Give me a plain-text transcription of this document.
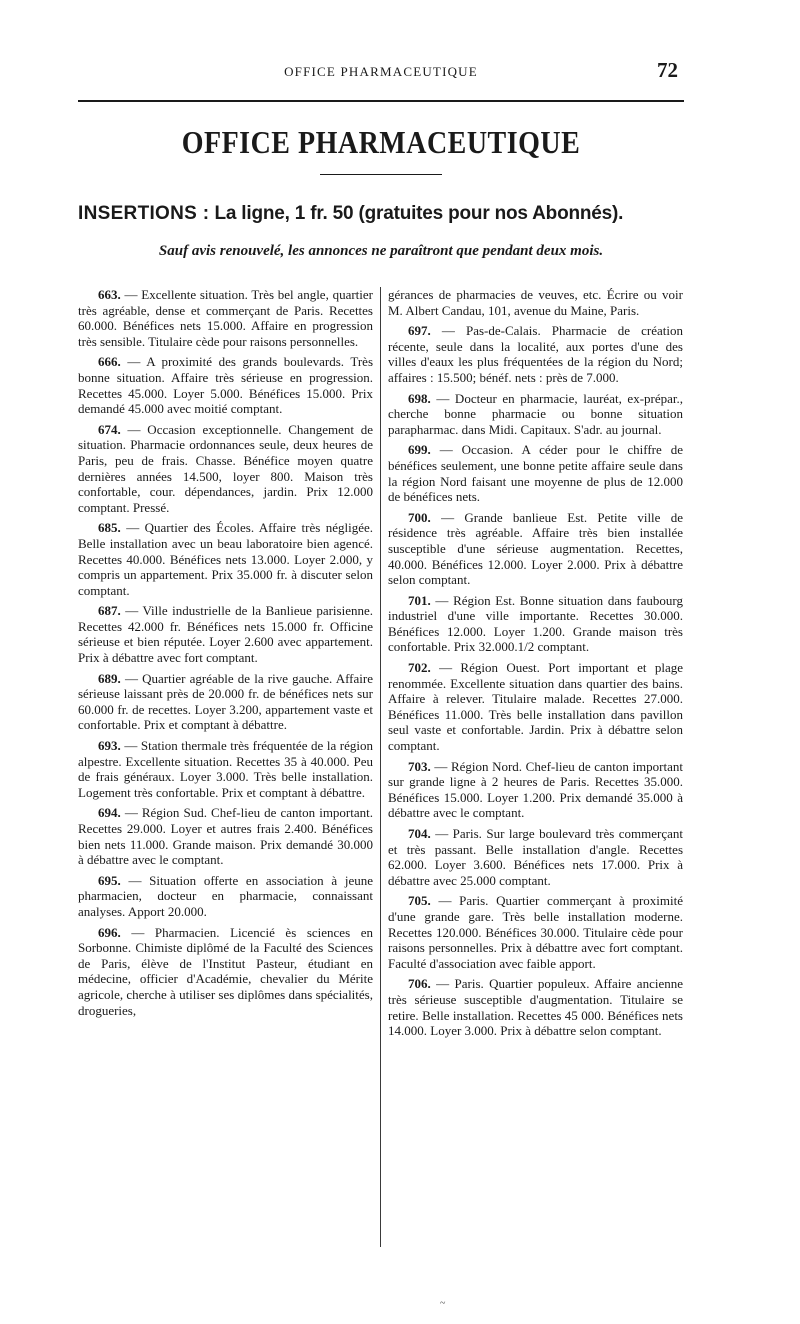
OFFICE PHARMACEUTIQUE	72
OFFICE PHARMACEUTIQUE
INSERTIONS : La ligne, 1 fr. 50 (gratuites pour nos Abonnés).
Sauf avis renouvelé, les annonces ne paraîtront que pendant deux mois.

663. — Excellente situation. Très bel angle, quartier très agréable, dense et commerçant de Paris. Recettes 60.000. Bénéfices nets 15.000. Affaire en progression très sensible. Titulaire cède pour raisons personnelles.

666. — A proximité des grands boulevards. Très bonne situation. Affaire très sérieuse en progression. Recettes 45.000. Loyer 5.000. Bénéfices 15.000. Prix demandé 45.000 avec moitié comptant.

674. — Occasion exceptionnelle. Changement de situation. Pharmacie ordonnances seule, deux heures de Paris, peu de frais. Chasse. Bénéfice moyen quatre dernières années 14.500, loyer 800. Maison très confortable, cour. dépendances, jardin. Prix 12.000 comptant. Pressé.

685. — Quartier des Écoles. Affaire très négligée. Belle installation avec un beau laboratoire bien agencé. Recettes 40.000. Bénéfices nets 13.000. Loyer 2.000, y compris un appartement. Prix 35.000 fr. à discuter selon comptant.

687. — Ville industrielle de la Banlieue parisienne. Recettes 42.000 fr. Bénéfices nets 15.000 fr. Officine sérieuse et bien réputée. Loyer 2.600 avec appartement. Prix à débattre avec fort comptant.

689. — Quartier agréable de la rive gauche. Affaire sérieuse laissant près de 20.000 fr. de bénéfices nets sur 60.000 fr. de recettes. Loyer 3.200, appartement vaste et confortable. Prix et comptant à débattre.

693. — Station thermale très fréquentée de la région alpestre. Excellente situation. Recettes 35 à 40.000. Peu de frais généraux. Loyer 3.000. Très belle installation. Logement très confortable. Prix et comptant à débattre.

694. — Région Sud. Chef-lieu de canton important. Recettes 29.000. Loyer et autres frais 2.400. Bénéfices bien nets 11.000. Grande maison. Prix demandé 30.000 à débattre avec le comptant.

695. — Situation offerte en association à jeune pharmacien, docteur en pharmacie, connaissant analyses. Apport 20.000.

696. — Pharmacien. Licencié ès sciences en Sorbonne. Chimiste diplômé de la Faculté des Sciences de Paris, élève de l'Institut Pasteur, étudiant en médecine, officier d'Académie, chevalier du Mérite agricole, cherche à utiliser ses diplômes dans spécialités, drogueries,

gérances de pharmacies de veuves, etc. Écrire ou voir M. Albert Candau, 101, avenue du Maine, Paris.

697. — Pas-de-Calais. Pharmacie de création récente, seule dans la localité, aux portes d'une des villes d'eaux les plus fréquentées de la région du Nord; affaires : 15.500; bénéf. nets : près de 7.000.

698. — Docteur en pharmacie, lauréat, ex-prépar., cherche bonne pharmacie ou bonne situation parapharmac. dans Midi. Capitaux. S'adr. au journal.

699. — Occasion. A céder pour le chiffre de bénéfices seulement, une bonne petite affaire seule dans la région Nord faisant une moyenne de plus de 12.000 de bénéfices nets.

700. — Grande banlieue Est. Petite ville de résidence très agréable. Affaire très bien installée susceptible d'une sérieuse augmentation. Recettes, 40.000. Bénéfices 12.000. Loyer 2.000. Prix à débattre selon comptant.

701. — Région Est. Bonne situation dans faubourg industriel d'une ville importante. Recettes 30.000. Bénéfices 12.000. Loyer 1.200. Grande maison très confortable. Prix 32.000.1/2 comptant.

702. — Région Ouest. Port important et plage renommée. Excellente situation dans quartier des bains. Affaire à relever. Titulaire malade. Recettes 27.000. Bénéfices 11.000. Très belle installation dans pavillon seul vaste et confortable. Jardin. Prix à débattre selon comptant.

703. — Région Nord. Chef-lieu de canton important sur grande ligne à 2 heures de Paris. Recettes 35.000. Bénéfices 15.000. Loyer 1.200. Prix demandé 35.000 à débattre avec le comptant.

704. — Paris. Sur large boulevard très commerçant et très passant. Belle installation d'angle. Recettes 62.000. Loyer 3.600. Bénéfices nets 17.000. Prix à débattre avec 25.000 comptant.

705. — Paris. Quartier commerçant à proximité d'une grande gare. Très belle installation moderne. Recettes 120.000. Bénéfices 30.000. Titulaire cède pour raisons personnelles. Prix à débattre avec fort comptant. Faculté d'association avec faible apport.

706. — Paris. Quartier populeux. Affaire ancienne très sérieuse susceptible d'augmentation. Titulaire se retire. Belle installation. Recettes 45 000. Bénéfices nets 14.000. Loyer 3.000. Prix à débattre selon comptant.

~
